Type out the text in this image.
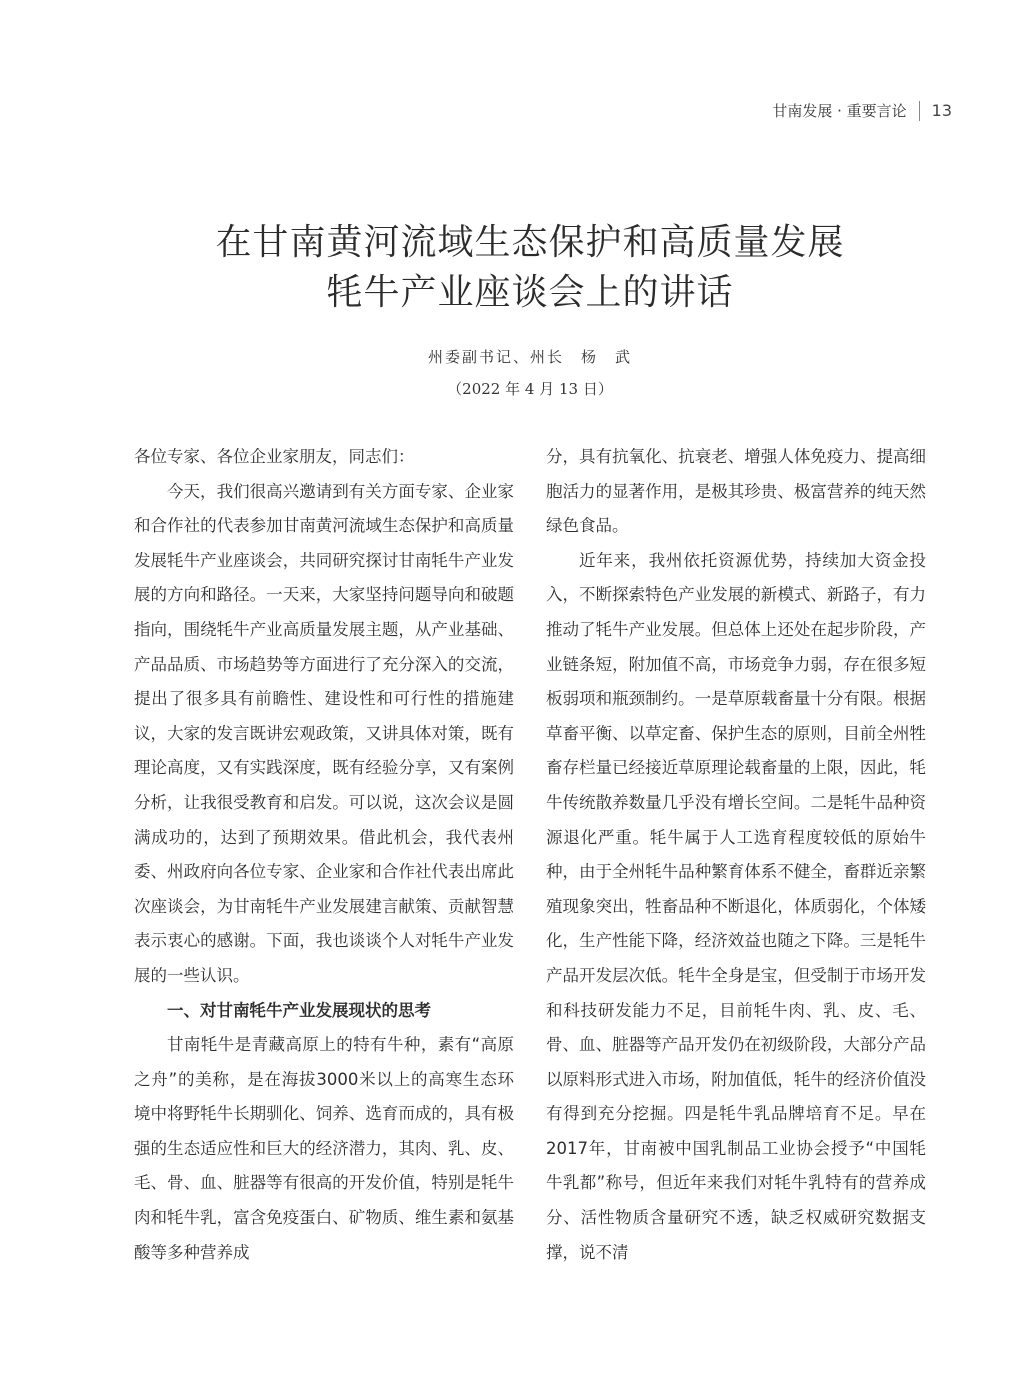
甘南发展 · 重要言论 13
在甘南黄河流域生态保护和高质量发展
牦牛产业座谈会上的讲话
州委副书记、州长　杨　武
（2022 年 4 月 13 日）

各位专家、各位企业家朋友，同志们：

今天，我们很高兴邀请到有关方面专家、企业家和合作社的代表参加甘南黄河流域生态保护和高质量发展牦牛产业座谈会，共同研究探讨甘南牦牛产业发展的方向和路径。一天来，大家坚持问题导向和破题指向，围绕牦牛产业高质量发展主题，从产业基础、产品品质、市场趋势等方面进行了充分深入的交流，提出了很多具有前瞻性、建设性和可行性的措施建议，大家的发言既讲宏观政策，又讲具体对策，既有理论高度，又有实践深度，既有经验分享，又有案例分析，让我很受教育和启发。可以说，这次会议是圆满成功的，达到了预期效果。借此机会，我代表州委、州政府向各位专家、企业家和合作社代表出席此次座谈会，为甘南牦牛产业发展建言献策、贡献智慧表示衷心的感谢。下面，我也谈谈个人对牦牛产业发展的一些认识。

一、对甘南牦牛产业发展现状的思考

甘南牦牛是青藏高原上的特有牛种，素有“高原之舟”的美称，是在海拔3000米以上的高寒生态环境中将野牦牛长期驯化、饲养、选育而成的，具有极强的生态适应性和巨大的经济潜力，其肉、乳、皮、毛、骨、血、脏器等有很高的开发价值，特别是牦牛肉和牦牛乳，富含免疫蛋白、矿物质、维生素和氨基酸等多种营养成

分，具有抗氧化、抗衰老、增强人体免疫力、提高细胞活力的显著作用，是极其珍贵、极富营养的纯天然绿色食品。

近年来，我州依托资源优势，持续加大资金投入，不断探索特色产业发展的新模式、新路子，有力推动了牦牛产业发展。但总体上还处在起步阶段，产业链条短，附加值不高，市场竞争力弱，存在很多短板弱项和瓶颈制约。一是草原载畜量十分有限。根据草畜平衡、以草定畜、保护生态的原则，目前全州牲畜存栏量已经接近草原理论载畜量的上限，因此，牦牛传统散养数量几乎没有增长空间。二是牦牛品种资源退化严重。牦牛属于人工选育程度较低的原始牛种，由于全州牦牛品种繁育体系不健全，畜群近亲繁殖现象突出，牲畜品种不断退化，体质弱化，个体矮化，生产性能下降，经济效益也随之下降。三是牦牛产品开发层次低。牦牛全身是宝，但受制于市场开发和科技研发能力不足，目前牦牛肉、乳、皮、毛、骨、血、脏器等产品开发仍在初级阶段，大部分产品以原料形式进入市场，附加值低，牦牛的经济价值没有得到充分挖掘。四是牦牛乳品牌培育不足。早在2017年，甘南被中国乳制品工业协会授予“中国牦牛乳都”称号，但近年来我们对牦牛乳特有的营养成分、活性物质含量研究不透，缺乏权威研究数据支撑，说不清
